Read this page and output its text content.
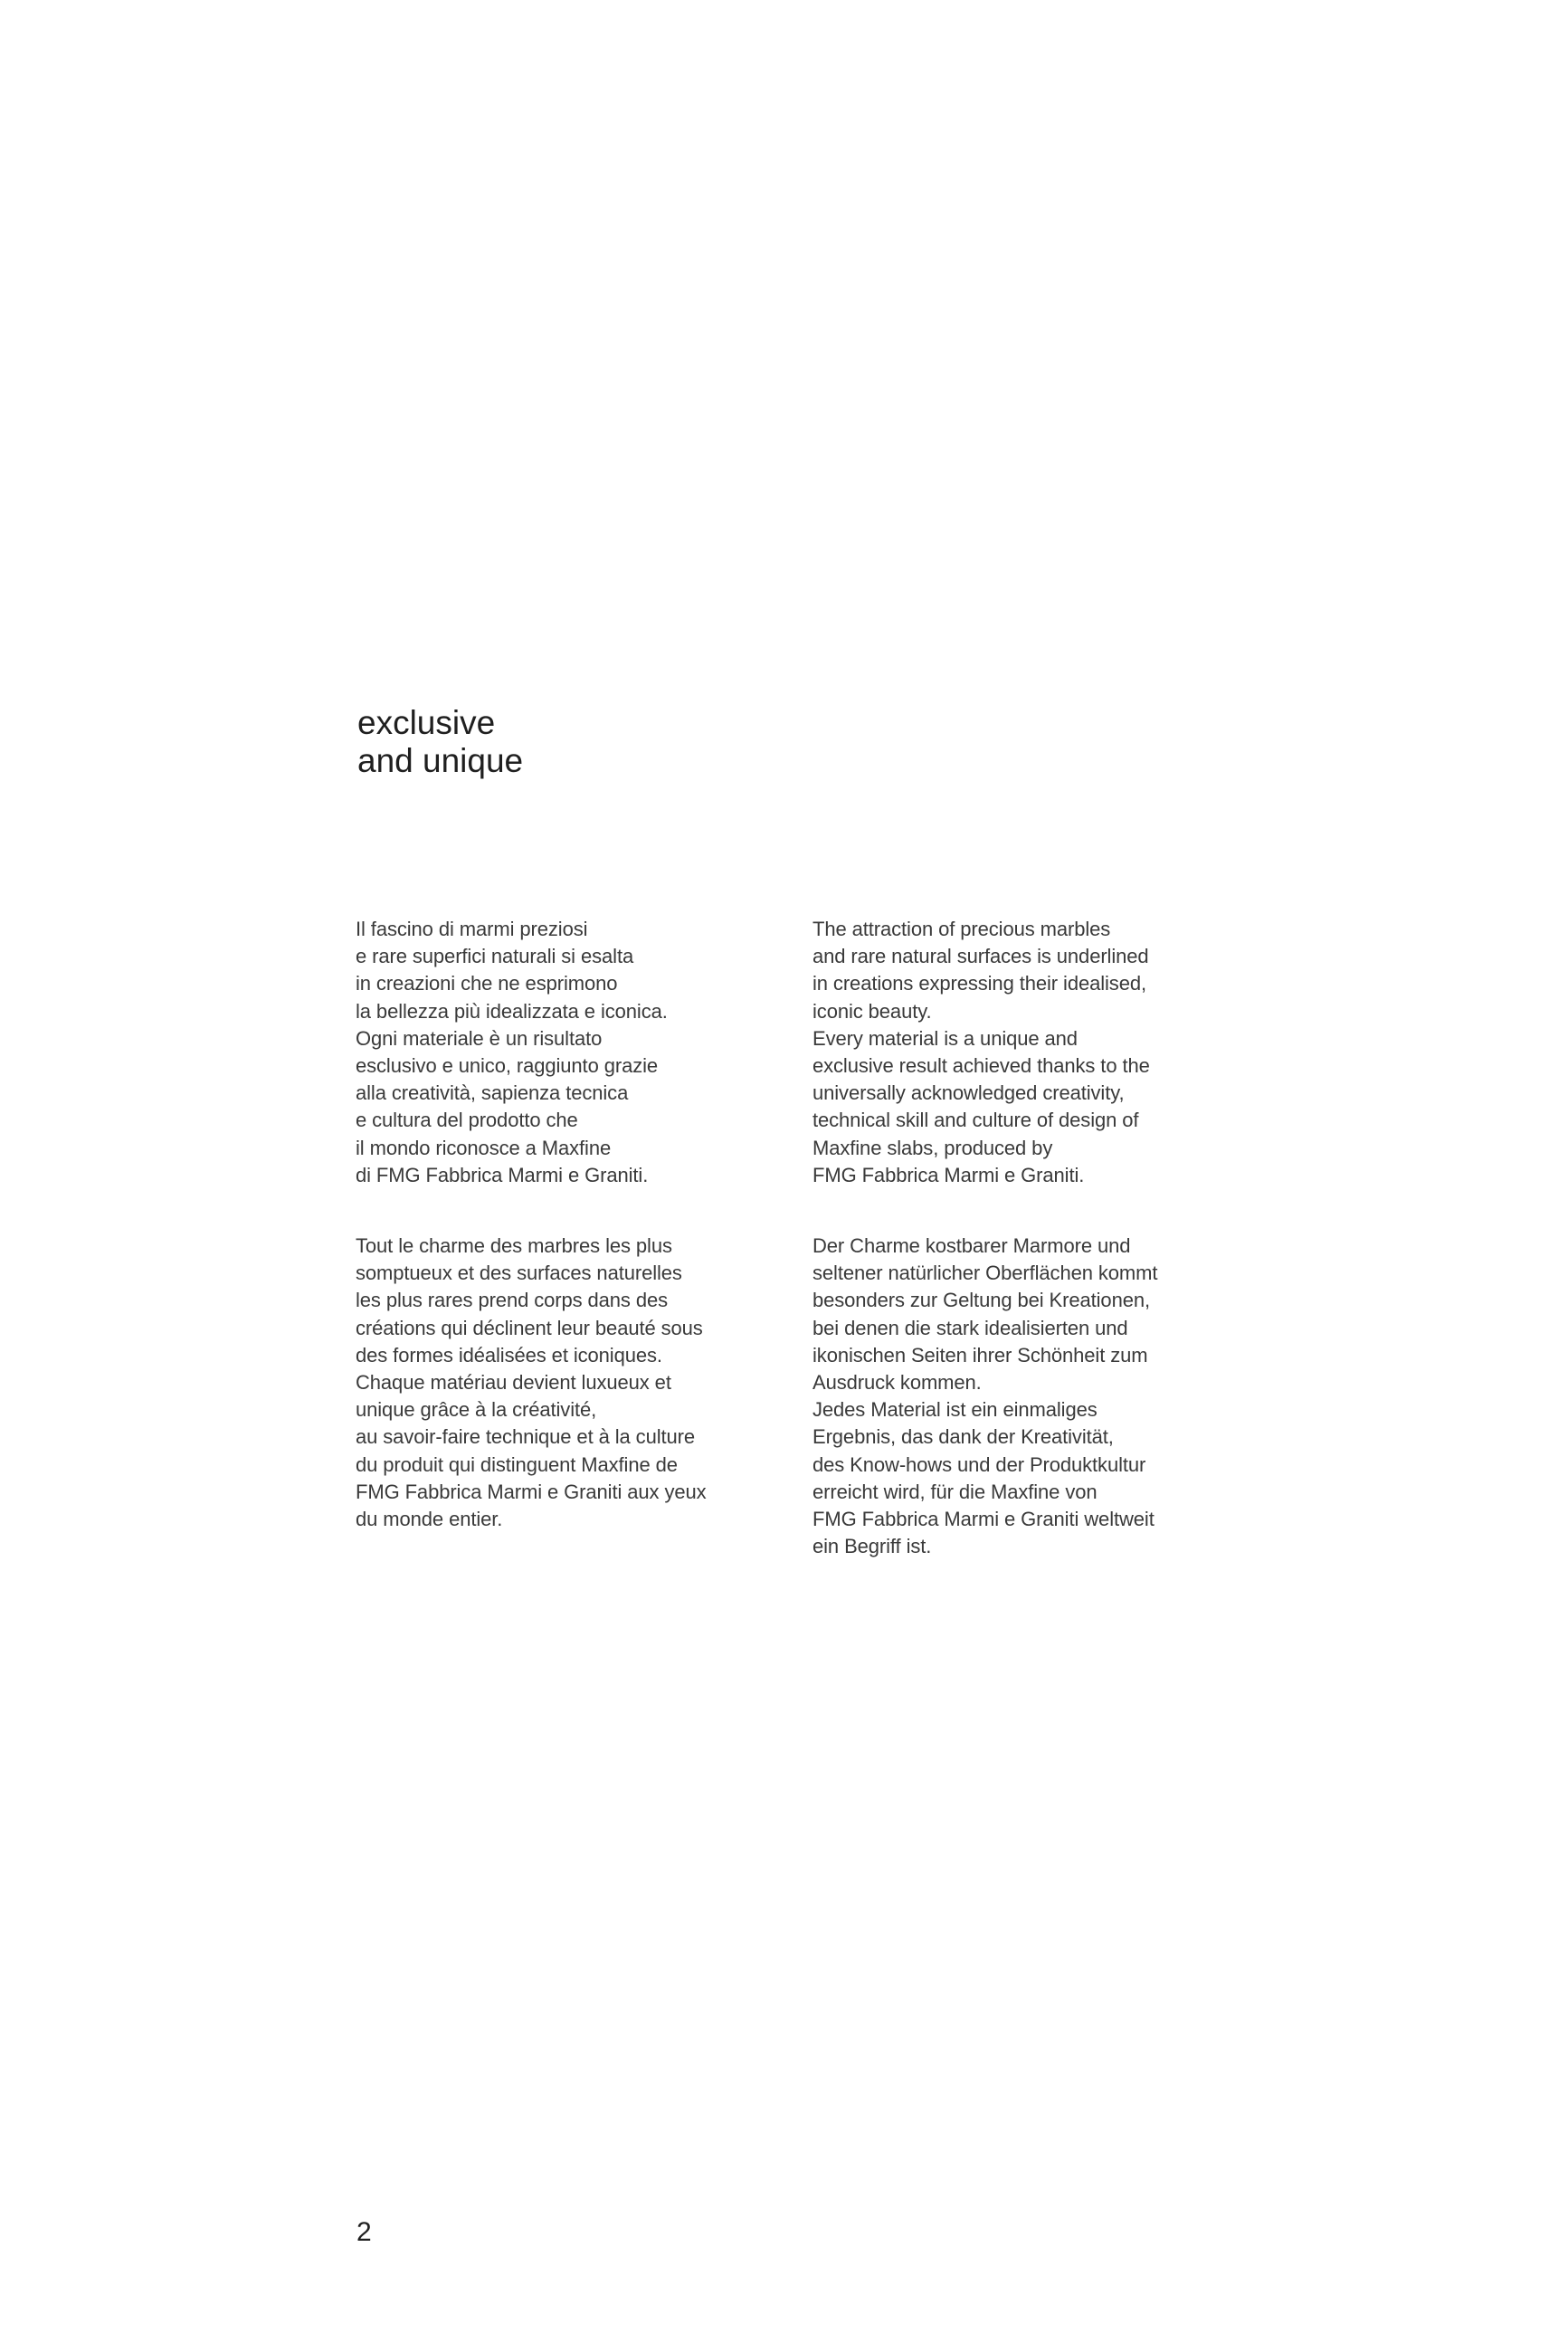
exclusive
and unique
Il fascino di marmi preziosi
e rare superfici naturali si esalta
in creazioni che ne esprimono
la bellezza più idealizzata e iconica.
Ogni materiale è un risultato
esclusivo e unico, raggiunto grazie
alla creatività, sapienza tecnica
e cultura del prodotto che
il mondo riconosce a Maxfine
di FMG Fabbrica Marmi e Graniti.
The attraction of precious marbles
and rare natural surfaces is underlined
in creations expressing their idealised,
iconic beauty.
Every material is a unique and
exclusive result achieved thanks to the
universally acknowledged creativity,
technical skill and culture of design of
Maxfine slabs, produced by
FMG Fabbrica Marmi e Graniti.
Tout le charme des marbres les plus
somptueux et des surfaces naturelles
les plus rares prend corps dans des
créations qui déclinent leur beauté sous
des formes idéalisées et iconiques.
Chaque matériau devient luxueux et
unique grâce à la créativité,
au savoir-faire technique et à la culture
du produit qui distinguent Maxfine de
FMG Fabbrica Marmi e Graniti aux yeux
du monde entier.
Der Charme kostbarer Marmore und
seltener natürlicher Oberflächen kommt
besonders zur Geltung bei Kreationen,
bei denen die stark idealisierten und
ikonischen Seiten ihrer Schönheit zum
Ausdruck kommen.
Jedes Material ist ein einmaliges
Ergebnis, das dank der Kreativität,
des Know-hows und der Produktkultur
erreicht wird, für die Maxfine von
FMG Fabbrica Marmi e Graniti weltweit
ein Begriff ist.
2
